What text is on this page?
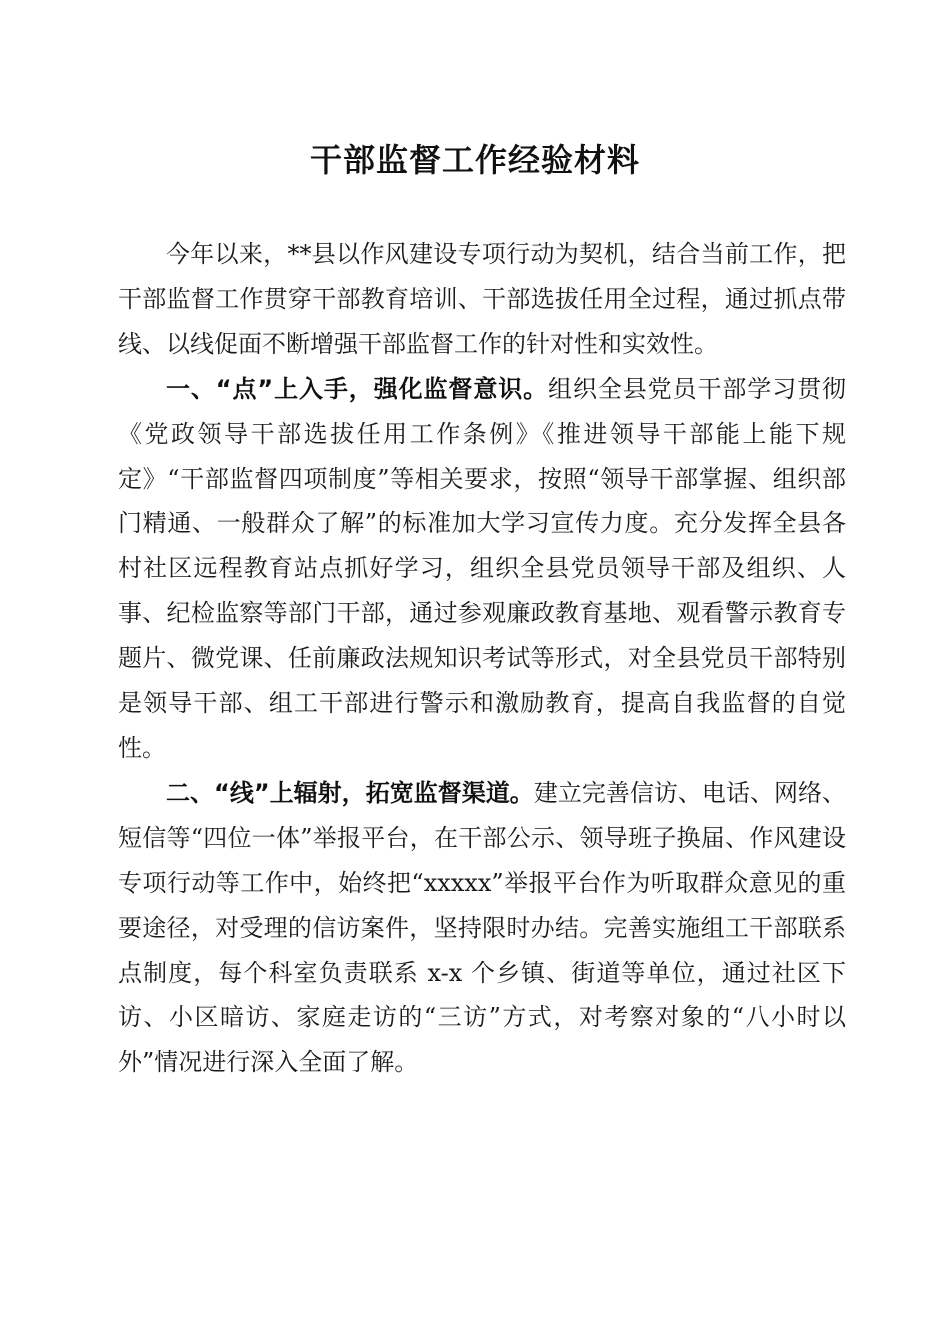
干部监督工作经验材料

今年以来，**县以作风建设专项行动为契机，结合当前工作，把干部监督工作贯穿干部教育培训、干部选拔任用全过程，通过抓点带线、以线促面不断增强干部监督工作的针对性和实效性。

一、“点”上入手，强化监督意识。组织全县党员干部学习贯彻《党政领导干部选拔任用工作条例》《推进领导干部能上能下规定》“干部监督四项制度”等相关要求，按照“领导干部掌握、组织部门精通、一般群众了解”的标准加大学习宣传力度。充分发挥全县各村社区远程教育站点抓好学习，组织全县党员领导干部及组织、人事、纪检监察等部门干部，通过参观廉政教育基地、观看警示教育专题片、微党课、任前廉政法规知识考试等形式，对全县党员干部特别是领导干部、组工干部进行警示和激励教育，提高自我监督的自觉性。

二、“线”上辐射，拓宽监督渠道。建立完善信访、电话、网络、短信等“四位一体”举报平台，在干部公示、领导班子换届、作风建设专项行动等工作中，始终把“xxxxx”举报平台作为听取群众意见的重要途径，对受理的信访案件，坚持限时办结。完善实施组工干部联系点制度，每个科室负责联系 x-x 个乡镇、街道等单位，通过社区下访、小区暗访、家庭走访的“三访”方式，对考察对象的“八小时以外”情况进行深入全面了解。
